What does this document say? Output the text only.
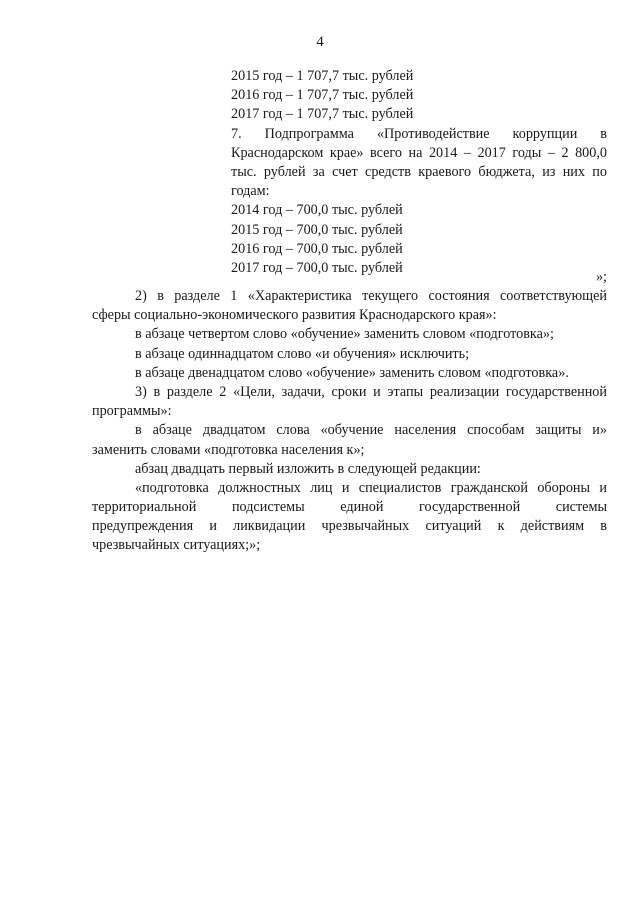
4
2015 год – 1 707,7 тыс. рублей
2016 год – 1 707,7 тыс. рублей
2017 год – 1 707,7 тыс. рублей
7. Подпрограмма «Противодействие коррупции в
Краснодарском крае» всего на 2014 – 2017 годы – 2 800,0
тыс. рублей за счет средств краевого бюджета, из них по
годам:
2014 год – 700,0 тыс. рублей
2015 год – 700,0 тыс. рублей
2016 год – 700,0 тыс. рублей
2017 год – 700,0 тыс. рублей
»;
2) в разделе 1 «Характеристика текущего состояния соответствующей
сферы социально-экономического развития Краснодарского края»:
в абзаце четвертом слово «обучение» заменить словом «подготовка»;
в абзаце одиннадцатом слово «и обучения» исключить;
в абзаце двенадцатом слово «обучение» заменить словом «подготовка».
3) в разделе 2 «Цели, задачи, сроки и этапы реализации государственной
программы»:
в абзаце двадцатом слова «обучение населения способам защиты и»
заменить словами «подготовка населения к»;
абзац двадцать первый изложить в следующей редакции:
«подготовка должностных лиц и специалистов гражданской обороны и
территориальной подсистемы единой государственной системы
предупреждения и ликвидации чрезвычайных ситуаций к действиям в
чрезвычайных ситуациях;»;
